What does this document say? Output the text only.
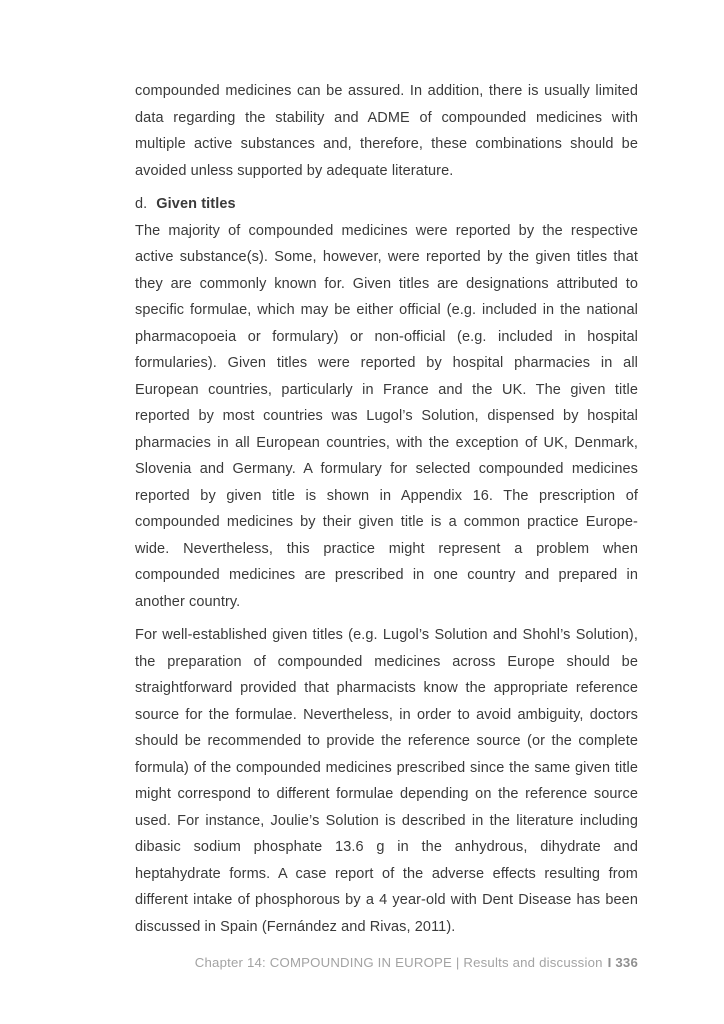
compounded medicines can be assured. In addition, there is usually limited data regarding the stability and ADME of compounded medicines with multiple active substances and, therefore, these combinations should be avoided unless supported by adequate literature.

d. Given titles

The majority of compounded medicines were reported by the respective active substance(s). Some, however, were reported by the given titles that they are commonly known for. Given titles are designations attributed to specific formulae, which may be either official (e.g. included in the national pharmacopoeia or formulary) or non-official (e.g. included in hospital formularies). Given titles were reported by hospital pharmacies in all European countries, particularly in France and the UK. The given title reported by most countries was Lugol’s Solution, dispensed by hospital pharmacies in all European countries, with the exception of UK, Denmark, Slovenia and Germany. A formulary for selected compounded medicines reported by given title is shown in Appendix 16. The prescription of compounded medicines by their given title is a common practice Europe-wide. Nevertheless, this practice might represent a problem when compounded medicines are prescribed in one country and prepared in another country.

For well-established given titles (e.g. Lugol’s Solution and Shohl’s Solution), the preparation of compounded medicines across Europe should be straightforward provided that pharmacists know the appropriate reference source for the formulae. Nevertheless, in order to avoid ambiguity, doctors should be recommended to provide the reference source (or the complete formula) of the compounded medicines prescribed since the same given title might correspond to different formulae depending on the reference source used. For instance, Joulie’s Solution is described in the literature including dibasic sodium phosphate 13.6 g in the anhydrous, dihydrate and heptahydrate forms. A case report of the adverse effects resulting from different intake of phosphorous by a 4 year-old with Dent Disease has been discussed in Spain (Fernández and Rivas, 2011).

Chapter 14: COMPOUNDING IN EUROPE | Results and discussion I 336
